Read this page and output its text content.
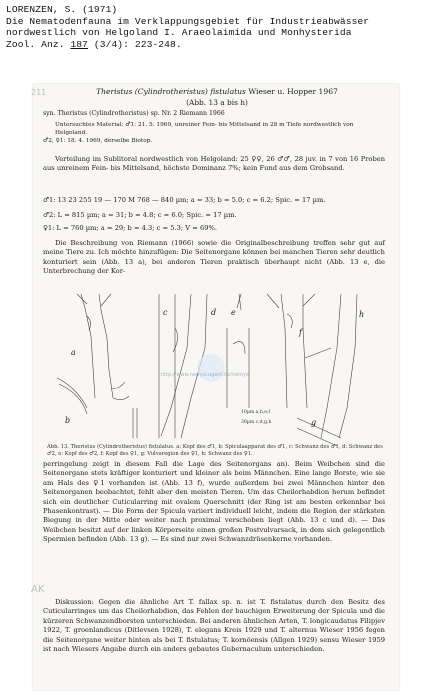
LORENZEN, S. (1971)
Die Nematodenfauna im Verklappungsgebiet für Industrieabwässer
nordwestlich von Helgoland I. Araeolaimida und Monhysterida
Zool. Anz. 187 (3/4): 223-248.
211
AK
Theristus (Cylindrotheristus) fistulatus Wieser u. Hopper 1967
(Abb. 13 a bis h)
syn. Theristus (Cylindrotheristus) sp. Nr. 2 Riemann 1966
Untersuchtes Material: ♂1: 21. 5. 1969, unreiner Fein- bis Mittelsand in 28 m Tiefe nordwestlich von Helgoland.
♂2, ♀1: 18. 4. 1969, derselbe Biotop.
Verteilung im Sublitoral nordwestlich von Helgoland: 25 ♀♀, 26 ♂♂, 28 juv. in 7 von 16 Proben aus unreinem Fein- bis Mittelsand, höchste Dominanz 7%; kein Fund aus dem Grobsand.
♂1: 13 23 255 19 — 170 M 768 — 840 µm; a = 33; b = 5.0; c = 6.2; Spic. = 17 µm.
♂2: L = 815 µm; a = 31; b = 4.8; c = 6.0; Spic. = 17 µm.
♀1: L = 760 µm; a = 29; b = 4.3; c = 5.3; V = 69%.
Die Beschreibung von Riemann (1966) sowie die Originalbeschreibung treffen sehr gut auf meine Tiere zu. Ich möchte hinzufügen: Die Seitenorgane können bei manchen Tieren sehr deutlich konturiert sein (Abb. 13 a), bei anderen Tieren praktisch überhaupt nicht (Abb. 13 e, die Unterbrechung der Kor-
a
b
c	d e
f
g
h
10µm a,b,e,f
30µm c,d,g,h
http://www.nemys.ugent.be/nemys
Abb. 13. Theristus (Cylindrotheristus) fistulatus. a: Kopf des ♂1, b: Spiculaapparat des ♂1, c: Schwanz des ♂1, d: Schwanz des ♂2, e: Kopf des ♂2, f: Kopf des ♀1, g: Vulvaregion des ♀1, h: Schwanz des ♀1.
perringelung zeigt in diesem Fall die Lage des Seitenorgans an). Beim Weibchen sind die Seitenorgane stets kräftiger konturiert und kleiner als beim Männchen. Eine lange Borste, wie sie am Hals des ♀1 vorhanden ist (Abb. 13 f), wurde außerdem bei zwei Männchen hinter den Seitenorganen beobachtet, fehlt aber den meisten Tieren. Um das Cheilorhabdion herum befindet sich ein deutlicher Cuticularring mit ovalem Querschnitt (der Ring ist am besten erkennbar bei Phasenkontrast). — Die Form der Spicula variiert individuell leicht, indem die Region der stärksten Biegung in der Mitte oder weiter nach proximal verschoben liegt (Abb. 13 c und d). — Das Weibchen besitzt auf der linken Körperseite einen großen Postvulvarsack, in dem sich gelegentlich Spermien befinden (Abb. 13 g). — Es sind nur zwei Schwanzdrüsenkerne vorhanden.
Diskussion: Gegen die ähnliche Art T. fallax sp. n. ist T. fistulatus durch den Besitz des Cuticularringes um das Cheilorhabdion, das Fehlen der bauchigen Erweiterung der Spicula und die kürzeren Schwanzendborsten unterschieden. Bei anderen ähnlichen Arten, T. longicaudatus Filipjev 1922, T. groenlandicus (Ditlevsen 1928), T. elegans Kreis 1929 und T. alternus Wieser 1956 fegen die Seitenorgane weiter hinten als bei T. fistulatus; T. kornöensis (Allgen 1929) sensu Wieser 1959 ist nach Wiesers Angabe durch ein anders gebautes Gubernaculum unterschieden.
